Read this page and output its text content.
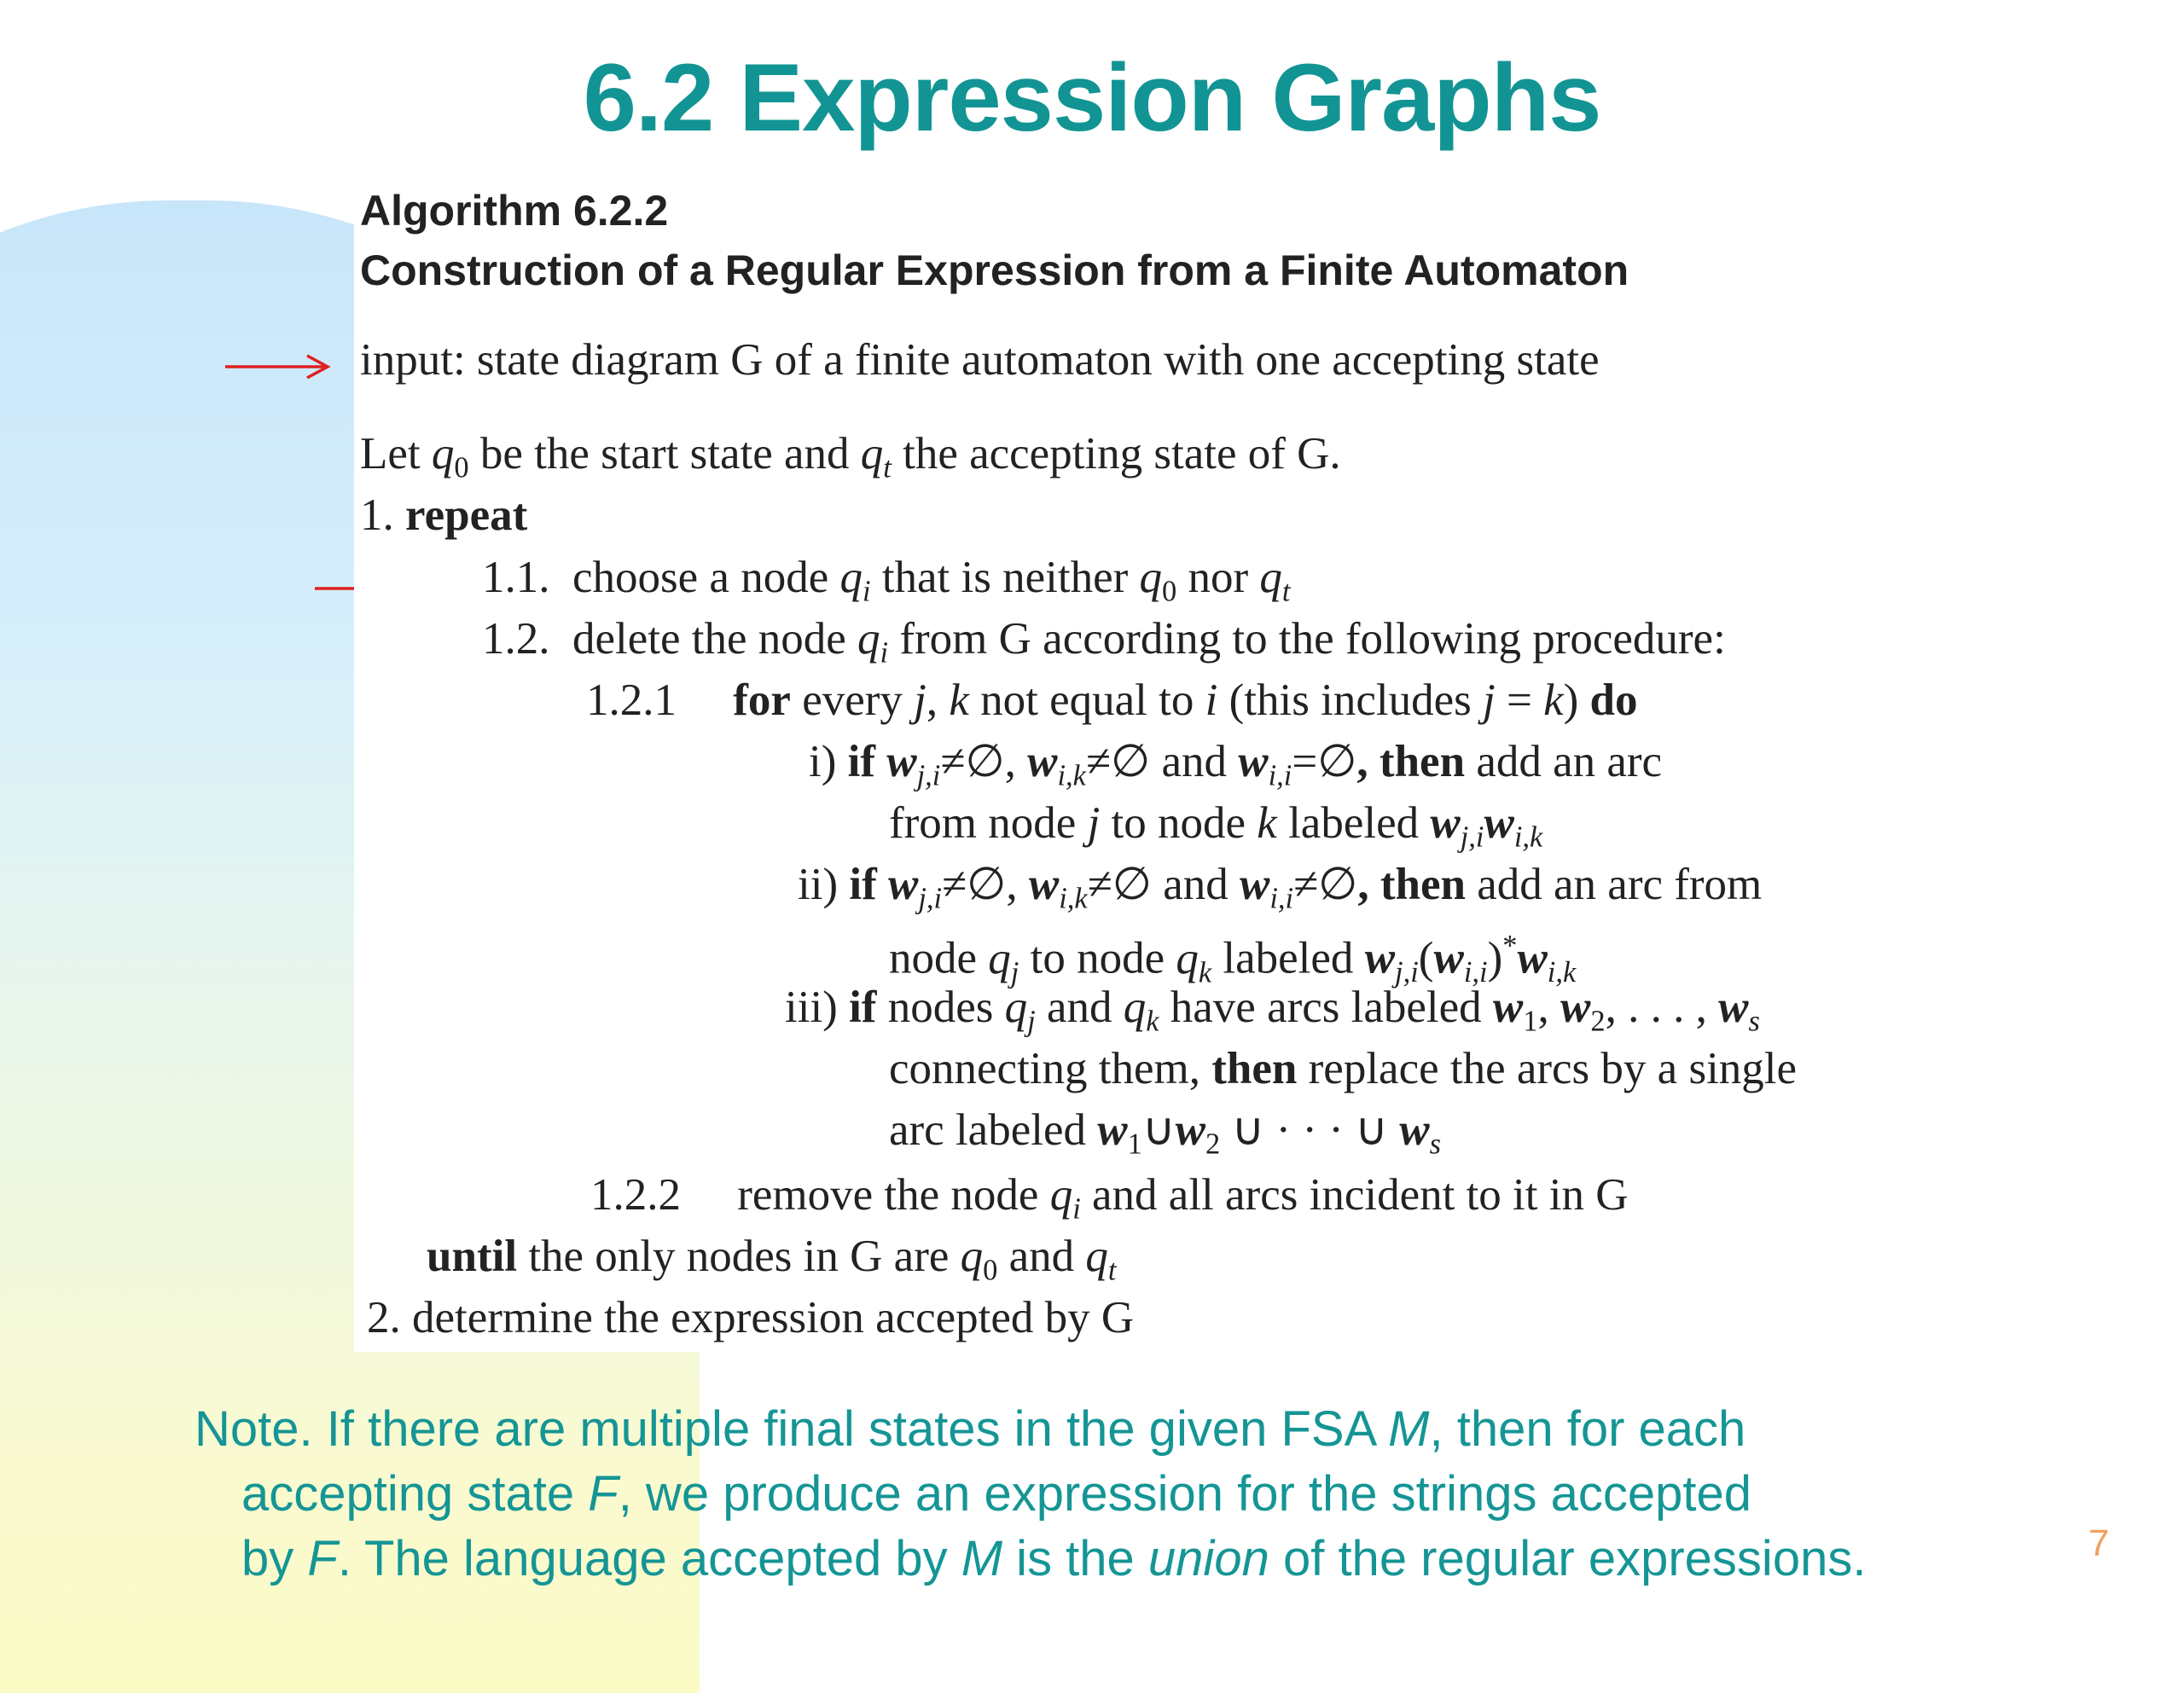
6.2 Expression Graphs
Algorithm 6.2.2
Construction of a Regular Expression from a Finite Automaton
input: state diagram G of a finite automaton with one accepting state
Let $q_0$ be the start state and $q_t$ the accepting state of G.
1. repeat
1.1. choose a node $q_i$ that is neither $q_0$ nor $q_t$
1.2. delete the node $q_i$ from G according to the following procedure:
1.2.1 for every j, k not equal to i (this includes j = k) do
i) if $w_{j,i}\ne\emptyset$, $w_{i,k}\ne\emptyset$ and $w_{i,i}=\emptyset$, then add an arc
from node j to node k labeled $w_{j,i}w_{i,k}$
ii) if $w_{j,i}\ne\emptyset$, $w_{i,k}\ne\emptyset$ and $w_{i,i}\ne\emptyset$, then add an arc from
node $q_j$ to node $q_k$ labeled $w_{j,i}(w_{i,i})^*w_{i,k}$
iii) if nodes $q_j$ and $q_k$ have arcs labeled $w_1$, $w_2$, . . . , $w_s$
connecting them, then replace the arcs by a single
arc labeled $w_1\cup w_2$ ∪ · · · ∪ $w_s$
1.2.2 remove the node $q_i$ and all arcs incident to it in G
until the only nodes in G are $q_0$ and $q_t$
2. determine the expression accepted by G
Note. If there are multiple final states in the given FSA M, then for each
accepting state F, we produce an expression for the strings accepted
by F. The language accepted by M is the union of the regular expressions.	7
